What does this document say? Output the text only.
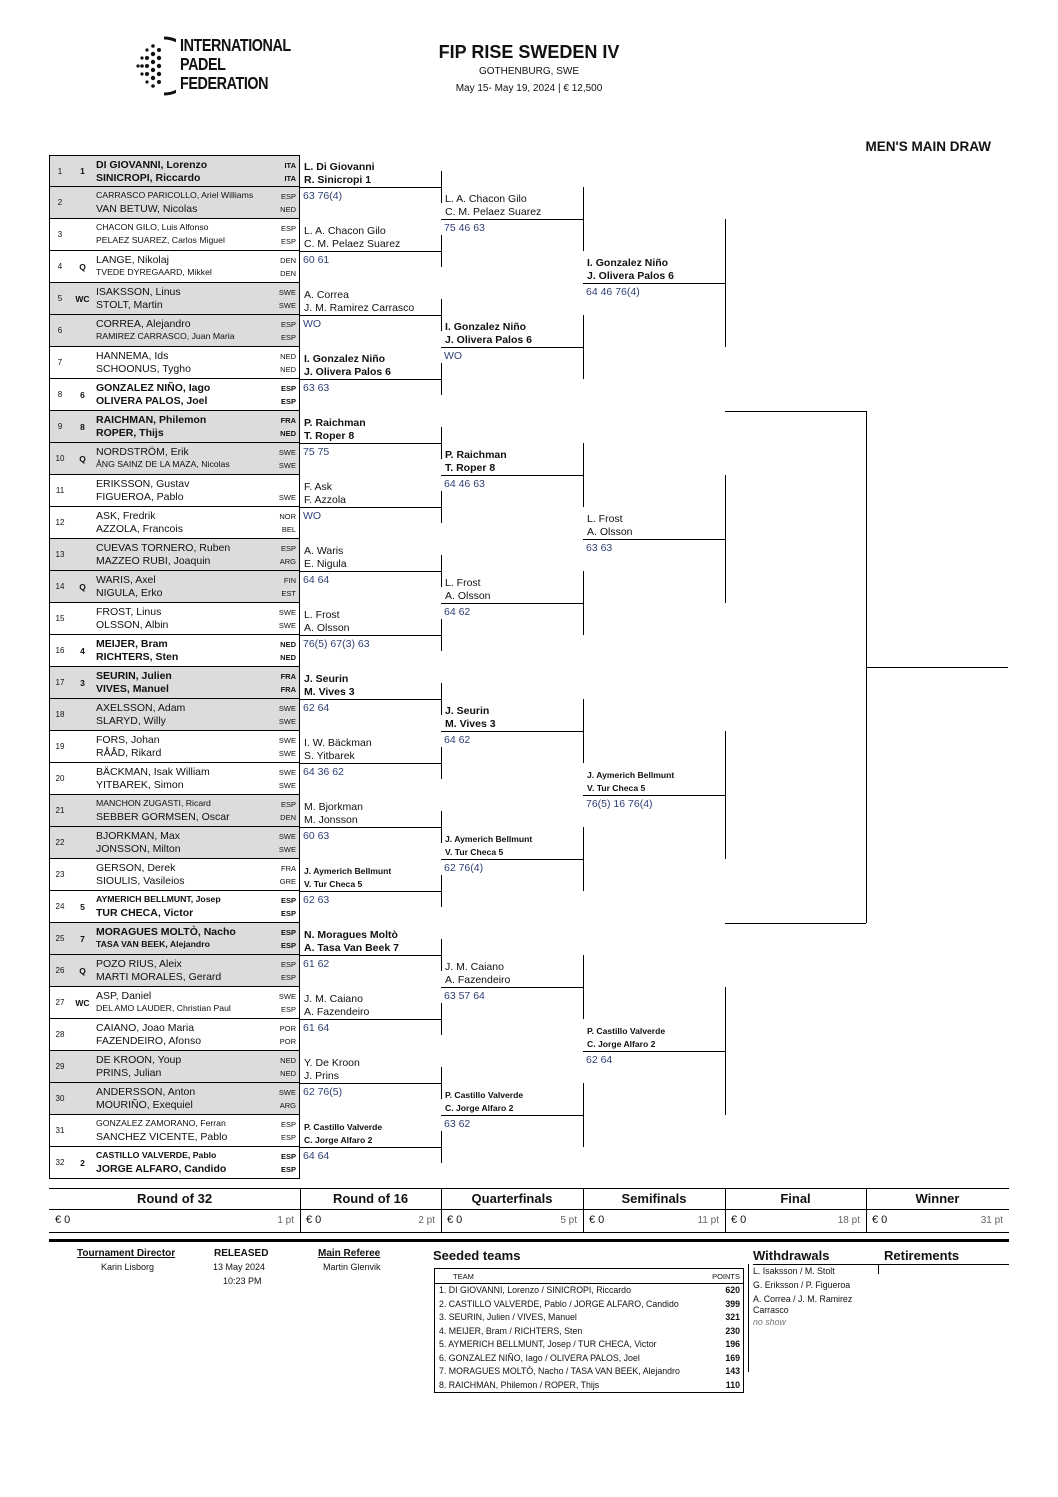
INTERNATIONAL
PADEL
FEDERATION
FIP RISE SWEDEN IV
GOTHENBURG, SWE
May 15- May 19, 2024 | € 12,500
MEN'S MAIN DRAW
1	1	DI GIOVANNI, Lorenzo
SINICROPI, Riccardo
ITA
ITA
2
CARRASCO PARICOLLO, Ariel Williams
VAN BETUW, Nicolas
ESP
NED
3
CHACON GILO, Luis Alfonso
PELAEZ SUAREZ, Carlos Miguel
ESP
ESP
4	Q
LANGE, Nikolaj
TVEDE DYREGAARD, Mikkel
DEN
DEN
5	WC
ISAKSSON, Linus
STOLT, Martin
SWE
SWE
6
CORREA, Alejandro
RAMIREZ CARRASCO, Juan Maria
ESP
ESP
7
HANNEMA, Ids
SCHOONUS, Tygho
NED
NED
8	6
GONZALEZ NIÑO, Iago
OLIVERA PALOS, Joel
ESP
ESP
9	8
RAICHMAN, Philemon
ROPER, Thijs
FRA
NED
10	Q
NORDSTRÖM, Erik
ÅNG SAINZ DE LA MAZA, Nicolas
SWE
SWE
11
ERIKSSON, Gustav
FIGUEROA, Pablo	SWE
12
ASK, Fredrik
AZZOLA, Francois
NOR
BEL
13
CUEVAS TORNERO, Ruben
MAZZEO RUBI, Joaquin
ESP
ARG
14	Q
WARIS, Axel
NIGULA, Erko
FIN
EST
15
FROST, Linus
OLSSON, Albin
SWE
SWE
16	4
MEIJER, Bram
RICHTERS, Sten
NED
NED
17	3
SEURIN, Julien
VIVES, Manuel
FRA
FRA
18
AXELSSON, Adam
SLARYD, Willy
SWE
SWE
19
FORS, Johan
RÅÅD, Rikard
SWE
SWE
20
BÄCKMAN, Isak William
YITBAREK, Simon
SWE
SWE
21
MANCHON ZUGASTI, Ricard
SEBBER GORMSEN, Oscar
ESP
DEN
22
BJORKMAN, Max
JONSSON, Milton
SWE
SWE
23
GERSON, Derek
SIOULIS, Vasileios
FRA
GRE
24	5
AYMERICH BELLMUNT, Josep
TUR CHECA, Victor
ESP
ESP
25	7
MORAGUES MOLTÒ, Nacho
TASA VAN BEEK, Alejandro
ESP
ESP
26	Q
POZO RIUS, Aleix
MARTI MORALES, Gerard
ESP
ESP
27	WC
ASP, Daniel
DEL AMO LAUDER, Christian Paul
SWE
ESP
28
CAIANO, Joao Maria
FAZENDEIRO, Afonso
POR
POR
29
DE KROON, Youp
PRINS, Julian
NED
NED
30
ANDERSSON, Anton
MOURIÑO, Exequiel
SWE
ARG
31
GONZALEZ ZAMORANO, Ferran
SANCHEZ VICENTE, Pablo
ESP
ESP
32	2
CASTILLO VALVERDE, Pablo
JORGE ALFARO, Candido
ESP
ESP
L. Di Giovanni
R. Sinicropi 1
63 76(4)
L. A. Chacon Gilo
C. M. Pelaez Suarez
60 61
A. Correa
J. M. Ramirez Carrasco
WO
I. Gonzalez Niño
J. Olivera Palos 6
63 63
P. Raichman
T. Roper 8
75 75
F. Ask
F. Azzola
WO
A. Waris
E. Nigula
64 64
L. Frost
A. Olsson
76(5) 67(3) 63
J. Seurin
M. Vives 3
62 64
I. W. Bäckman
S. Yitbarek
64 36 62
M. Bjorkman
M. Jonsson
60 63
J. Aymerich Bellmunt
V. Tur Checa 5
62 63
N. Moragues Moltò
A. Tasa Van Beek 7
61 62
J. M. Caiano
A. Fazendeiro
61 64
Y. De Kroon
J. Prins
62 76(5)
P. Castillo Valverde
C. Jorge Alfaro 2
64 64
L. A. Chacon Gilo
C. M. Pelaez Suarez
75 46 63
I. Gonzalez Niño
J. Olivera Palos 6
WO
P. Raichman
T. Roper 8
64 46 63
L. Frost
A. Olsson
64 62
J. Seurin
M. Vives 3
64 62
J. Aymerich Bellmunt
V. Tur Checa 5
62 76(4)
J. M. Caiano
A. Fazendeiro
63 57 64
P. Castillo Valverde
C. Jorge Alfaro 2
63 62
I. Gonzalez Niño
J. Olivera Palos 6
64 46 76(4)
L. Frost
A. Olsson
63 63
J. Aymerich Bellmunt
V. Tur Checa 5
76(5) 16 76(4)
P. Castillo Valverde
C. Jorge Alfaro 2
62 64
Round of 32
€ 0	1 pt
Round of 16
€ 0	2 pt
Quarterfinals
€ 0	5 pt
Semifinals
€ 0	11 pt
Final
€ 0	18 pt
Winner
€ 0	31 pt
Tournament Director
Karin Lisborg
RELEASED
13 May 2024
10:23 PM
Main Referee
Martin Glenvik
Seeded teams
TEAM	POINTS
1. DI GIOVANNI, Lorenzo / SINICROPI, Riccardo	620
2. CASTILLO VALVERDE, Pablo / JORGE ALFARO, Candido	399
3. SEURIN, Julien / VIVES, Manuel	321
4. MEIJER, Bram / RICHTERS, Sten	230
5. AYMERICH BELLMUNT, Josep / TUR CHECA, Victor	196
6. GONZALEZ NIÑO, Iago / OLIVERA PALOS, Joel	169
7. MORAGUES MOLTÒ, Nacho / TASA VAN BEEK, Alejandro	143
8. RAICHMAN, Philemon / ROPER, Thijs	110
Withdrawals	Retirements
L. Isaksson / M. Stolt
G. Eriksson / P. Figueroa
A. Correa / J. M. Ramirez
Carrasco
no show
